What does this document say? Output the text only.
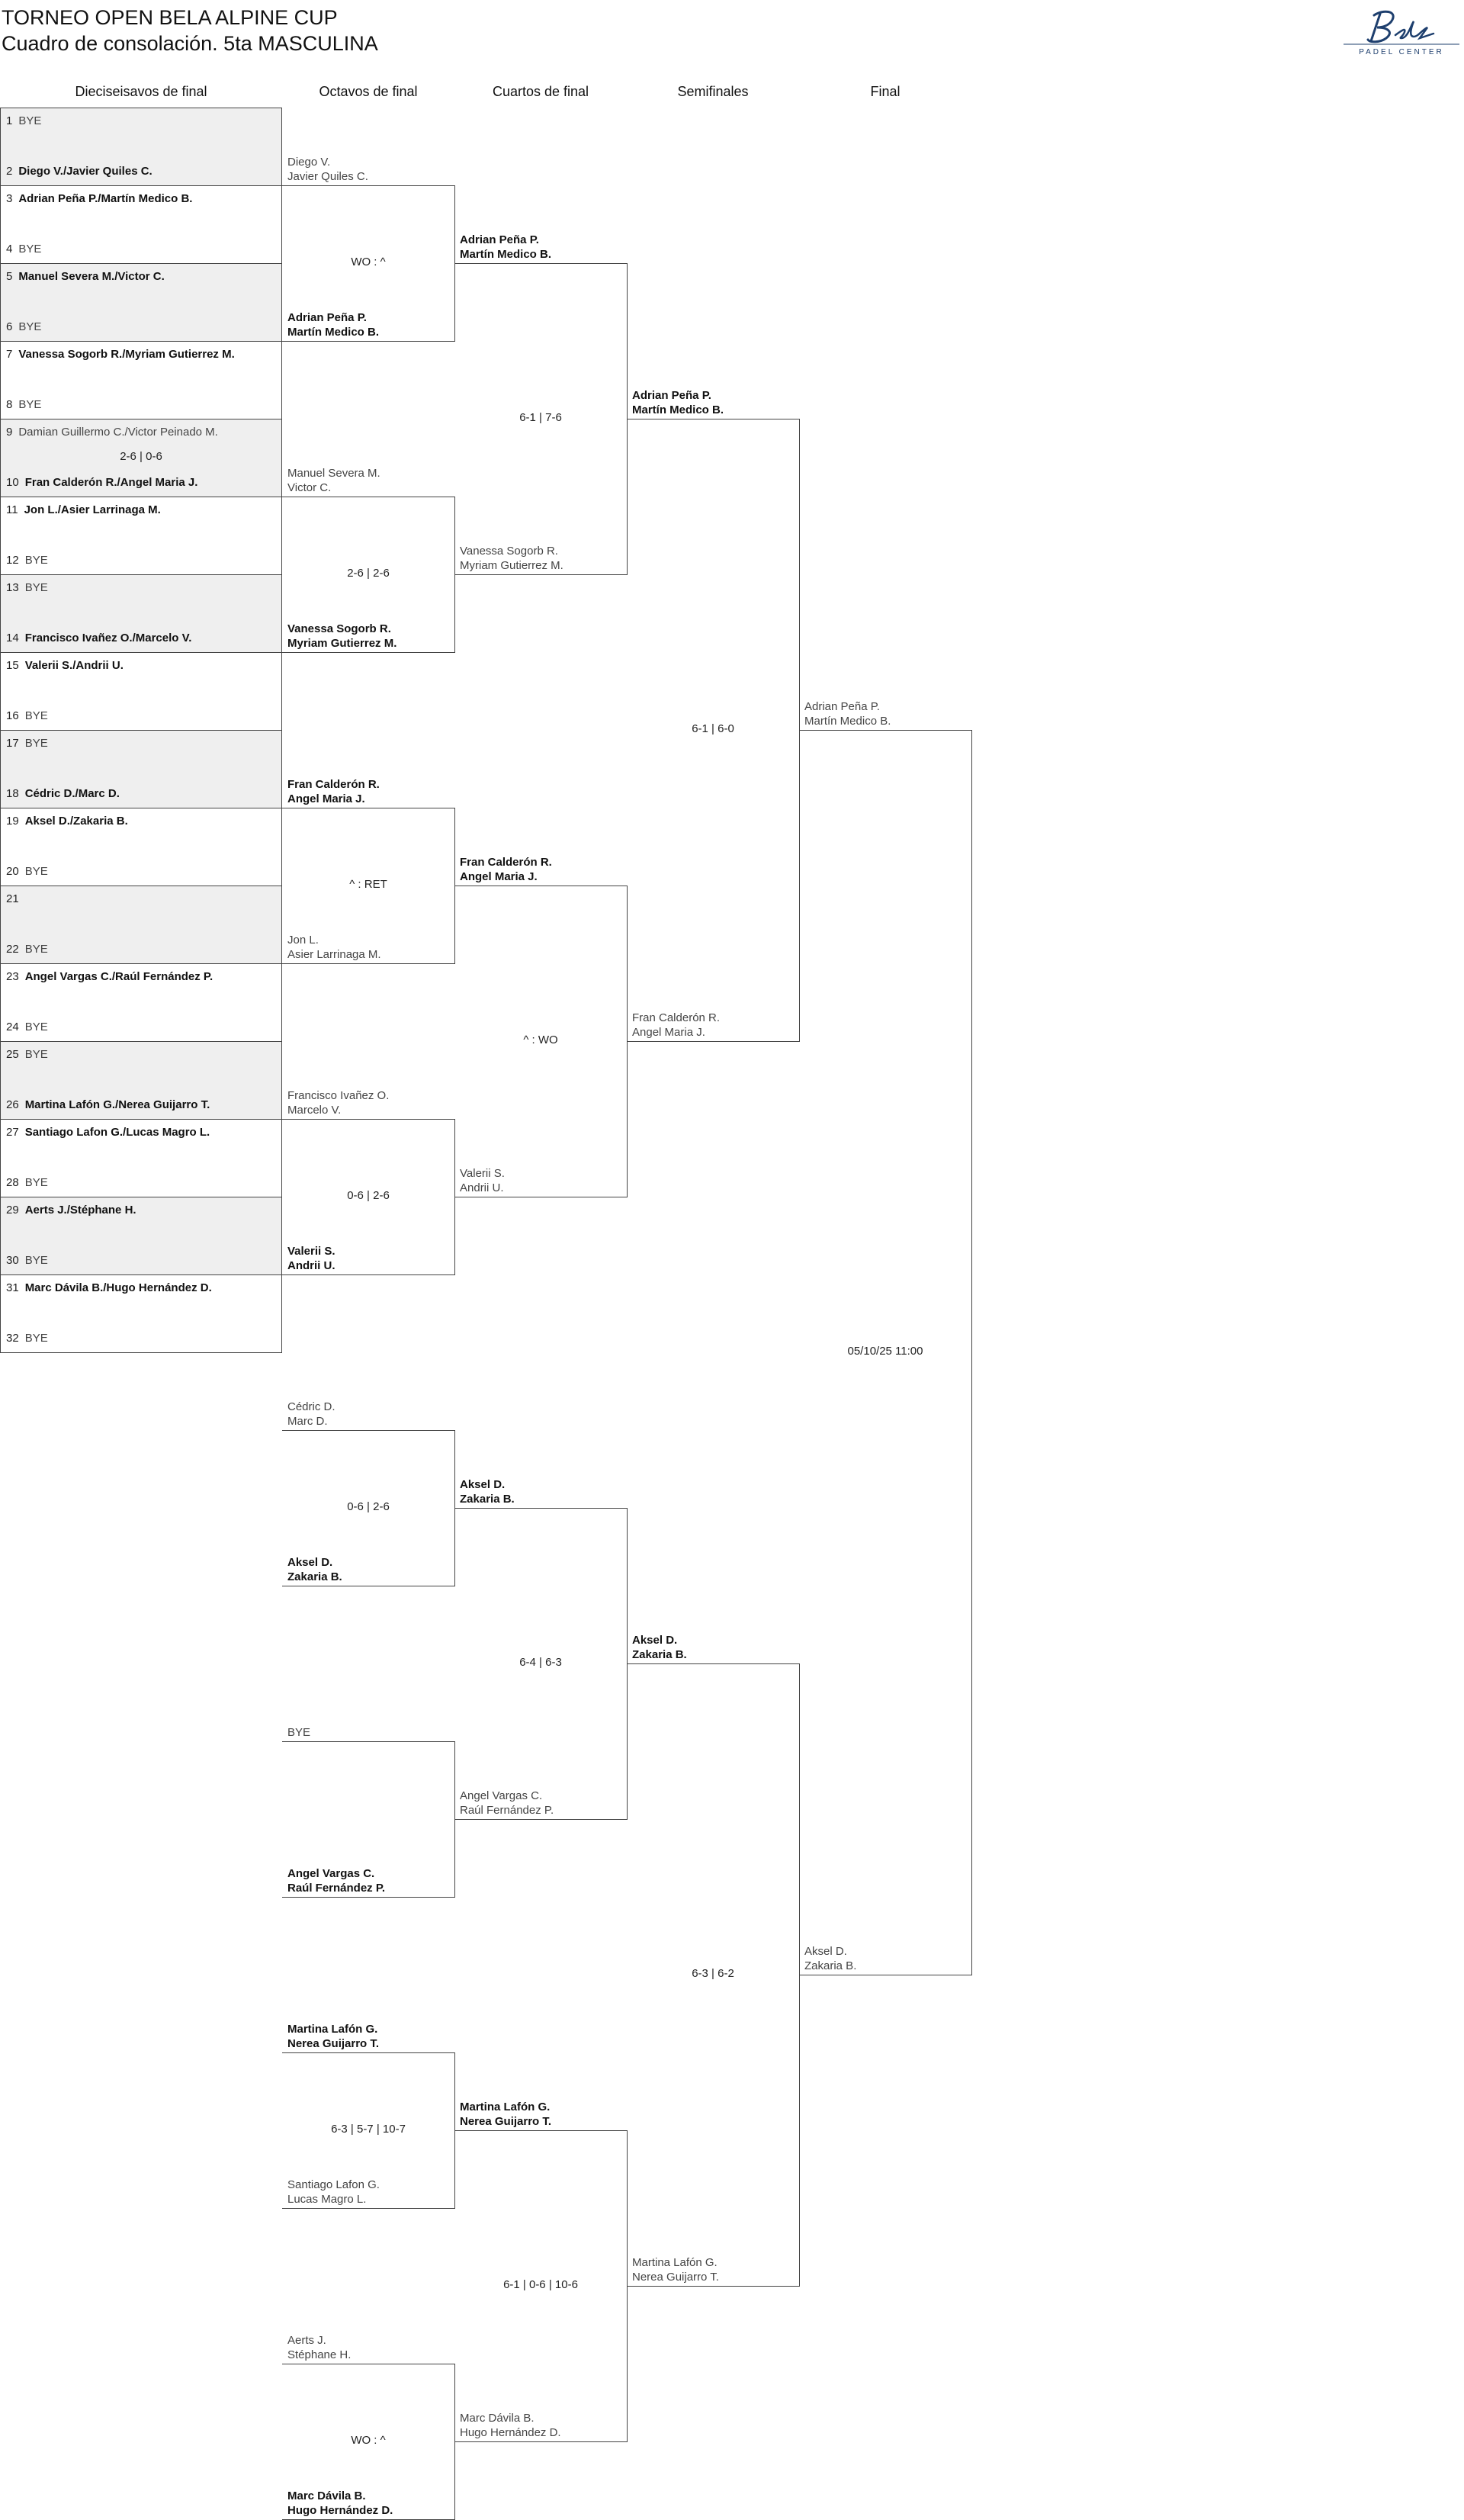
TORNEO OPEN BELA ALPINE CUP
Cuadro de consolación. 5ta MASCULINA	PADEL CENTER
Dieciseisavos de final	Octavos de final	Cuartos de final	Semifinales	Final
1 BYE
2 Diego V./Javier Quiles C.
3 Adrian Peña P./Martín Medico B.
4 BYE
5 Manuel Severa M./Victor C.
6 BYE
7 Vanessa Sogorb R./Myriam Gutierrez M.
8 BYE
9 Damian Guillermo C./Victor Peinado M.
10 Fran Calderón R./Angel Maria J.
2-6 | 0-6
11 Jon L./Asier Larrinaga M.
12 BYE
13 BYE
14 Francisco Ivañez O./Marcelo V.
15 Valerii S./Andrii U.
16 BYE
17 BYE
18 Cédric D./Marc D.
19 Aksel D./Zakaria B.
20 BYE
21
22 BYE
23 Angel Vargas C./Raúl Fernández P.
24 BYE
25 BYE
26 Martina Lafón G./Nerea Guijarro T.
27 Santiago Lafon G./Lucas Magro L.
28 BYE
29 Aerts J./Stéphane H.
30 BYE
31 Marc Dávila B./Hugo Hernández D.
32 BYE
Diego V.
Javier Quiles C.
Adrian Peña P.
Martín Medico B.
WO : ^
Manuel Severa M.
Victor C.
Vanessa Sogorb R.
Myriam Gutierrez M.
2-6 | 2-6
Fran Calderón R.
Angel Maria J.
Jon L.
Asier Larrinaga M.
^ : RET
Francisco Ivañez O.
Marcelo V.
Valerii S.
Andrii U.
0-6 | 2-6
Cédric D.
Marc D.
Aksel D.
Zakaria B.
0-6 | 2-6
BYE
Angel Vargas C.
Raúl Fernández P.
Martina Lafón G.
Nerea Guijarro T.
Santiago Lafon G.
Lucas Magro L.
6-3 | 5-7 | 10-7
Aerts J.
Stéphane H.
Marc Dávila B.
Hugo Hernández D.
WO : ^
Adrian Peña P.
Martín Medico B.
Vanessa Sogorb R.
Myriam Gutierrez M.
6-1 | 7-6
Fran Calderón R.
Angel Maria J.
Valerii S.
Andrii U.
^ : WO
Aksel D.
Zakaria B.
Angel Vargas C.
Raúl Fernández P.
6-4 | 6-3
Martina Lafón G.
Nerea Guijarro T.
Marc Dávila B.
Hugo Hernández D.
6-1 | 0-6 | 10-6
Adrian Peña P.
Martín Medico B.
Fran Calderón R.
Angel Maria J.
6-1 | 6-0
Aksel D.
Zakaria B.
Martina Lafón G.
Nerea Guijarro T.
6-3 | 6-2
Adrian Peña P.
Martín Medico B.
Aksel D.
Zakaria B.
05/10/25 11:00
